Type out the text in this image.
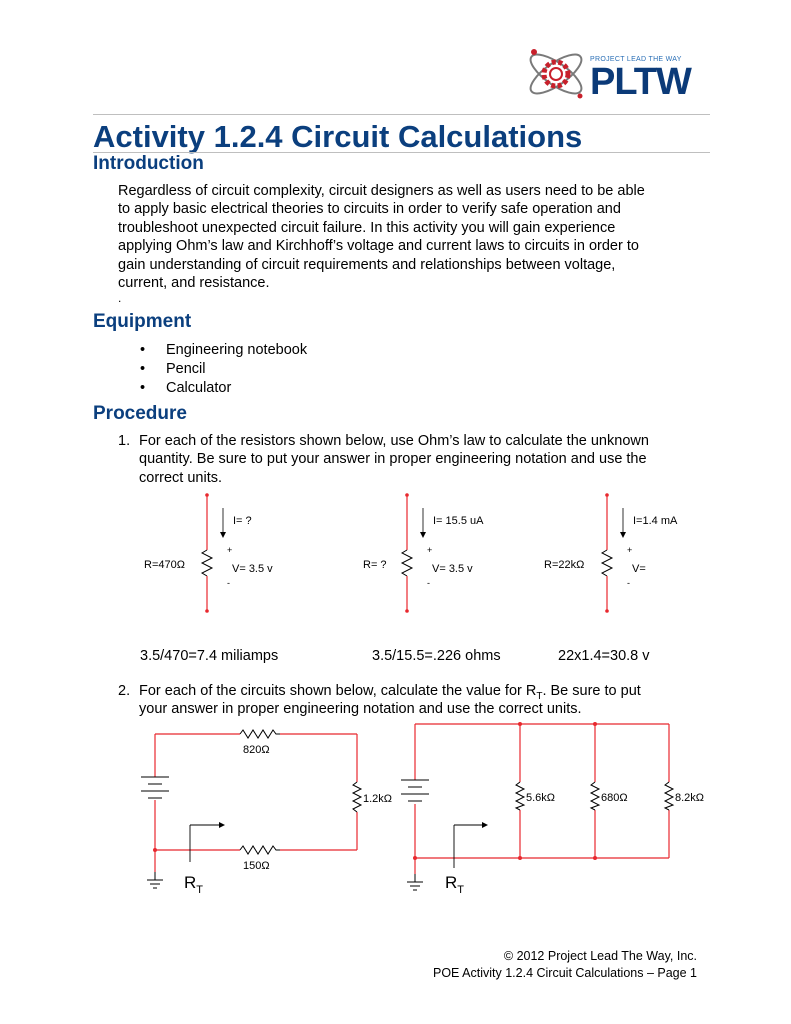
PROJECT LEAD THE WAY
PLTW
Activity 1.2.4 Circuit Calculations
Introduction
Regardless of circuit complexity, circuit designers as well as users need to be able
to apply basic electrical theories to circuits in order to verify safe operation and
troubleshoot unexpected circuit failure. In this activity you will gain experience
applying Ohm’s law and Kirchhoff’s voltage and current laws to circuits in order to
gain understanding of circuit requirements and relationships between voltage,
current, and resistance.
.
Equipment
• Engineering notebook
• Pencil
• Calculator
Procedure
1. For each of the resistors shown below, use Ohm’s law to calculate the unknown
quantity. Be sure to put your answer in proper engineering notation and use the
correct units.
I= ?
+
-
R=470Ω	V= 3.5 v
I= 15.5 uA
+
-
R= ?	V= 3.5 v
I=1.4 mA
+
-
R=22kΩ	V=
3.5/470=7.4 miliamps	3.5/15.5=.226 ohms	22x1.4=30.8 v
2. For each of the circuits shown below, calculate the value for $R_T$. Be sure to put
your answer in proper engineering notation and use the correct units.
820Ω
1.2kΩ
150Ω
$R_T$
5.6kΩ	680Ω	8.2kΩ
$R_T$
© 2012 Project Lead The Way, Inc.
POE Activity 1.2.4 Circuit Calculations – Page 1
